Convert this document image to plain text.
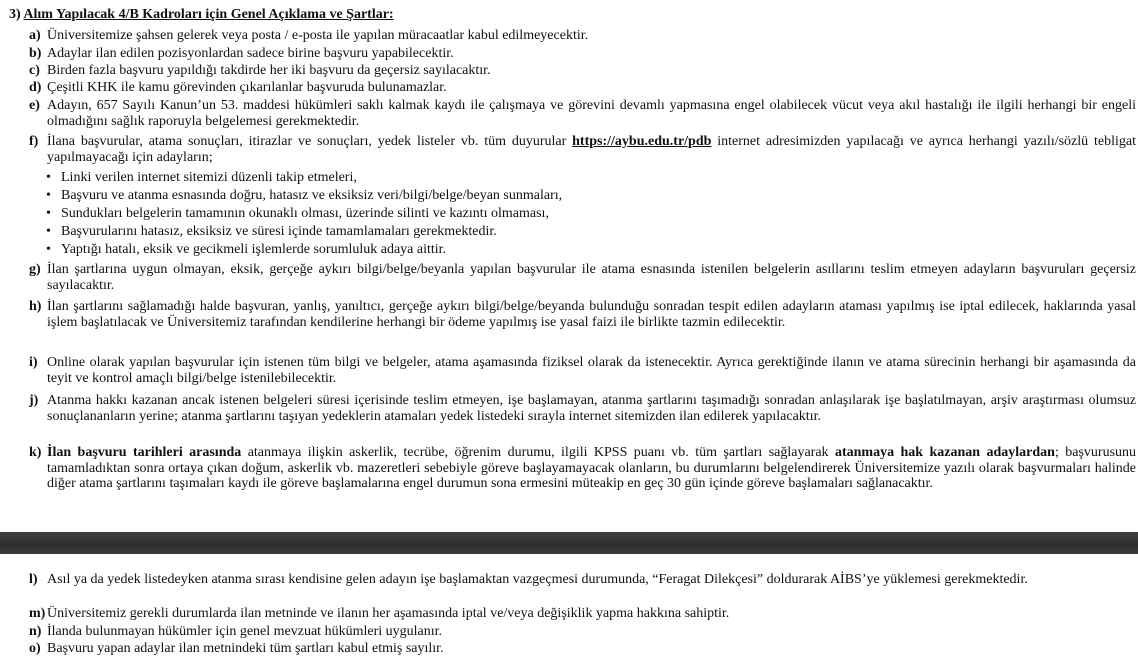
3) Alım Yapılacak 4/B Kadroları için Genel Açıklama ve Şartlar:
a) Üniversitemize şahsen gelerek veya posta / e-posta ile yapılan müracaatlar kabul edilmeyecektir.
b) Adaylar ilan edilen pozisyonlardan sadece birine başvuru yapabilecektir.
c) Birden fazla başvuru yapıldığı takdirde her iki başvuru da geçersiz sayılacaktır.
d) Çeşitli KHK ile kamu görevinden çıkarılanlar başvuruda bulunamazlar.
e) Adayın, 657 Sayılı Kanun’un 53. maddesi hükümleri saklı kalmak kaydı ile çalışmaya ve görevini devamlı yapmasına engel olabilecek vücut veya akıl hastalığı ile ilgili herhangi bir engeli olmadığını sağlık raporuyla belgelemesi gerekmektedir.
f) İlana başvurular, atama sonuçları, itirazlar ve sonuçları, yedek listeler vb. tüm duyurular https://aybu.edu.tr/pdb internet adresimizden yapılacağı ve ayrıca herhangi yazılı/sözlü tebligat yapılmayacağı için adayların;
• Linki verilen internet sitemizi düzenli takip etmeleri,
• Başvuru ve atanma esnasında doğru, hatasız ve eksiksiz veri/bilgi/belge/beyan sunmaları,
• Sundukları belgelerin tamamının okunaklı olması, üzerinde silinti ve kazıntı olmaması,
• Başvurularını hatasız, eksiksiz ve süresi içinde tamamlamaları gerekmektedir.
• Yaptığı hatalı, eksik ve gecikmeli işlemlerde sorumluluk adaya aittir.
g) İlan şartlarına uygun olmayan, eksik, gerçeğe aykırı bilgi/belge/beyanla yapılan başvurular ile atama esnasında istenilen belgelerin asıllarını teslim etmeyen adayların başvuruları geçersiz sayılacaktır.
h) İlan şartlarını sağlamadığı halde başvuran, yanlış, yanıltıcı, gerçeğe aykırı bilgi/belge/beyanda bulunduğu sonradan tespit edilen adayların ataması yapılmış ise iptal edilecek, haklarında yasal işlem başlatılacak ve Üniversitemiz tarafından kendilerine herhangi bir ödeme yapılmış ise yasal faizi ile birlikte tazmin edilecektir.
i) Online olarak yapılan başvurular için istenen tüm bilgi ve belgeler, atama aşamasında fiziksel olarak da istenecektir. Ayrıca gerektiğinde ilanın ve atama sürecinin herhangi bir aşamasında da teyit ve kontrol amaçlı bilgi/belge istenilebilecektir.
j) Atanma hakkı kazanan ancak istenen belgeleri süresi içerisinde teslim etmeyen, işe başlamayan, atanma şartlarını taşımadığı sonradan anlaşılarak işe başlatılmayan, arşiv araştırması olumsuz sonuçlananların yerine; atanma şartlarını taşıyan yedeklerin atamaları yedek listedeki sırayla internet sitemizden ilan edilerek yapılacaktır.
k) İlan başvuru tarihleri arasında atanmaya ilişkin askerlik, tecrübe, öğrenim durumu, ilgili KPSS puanı vb. tüm şartları sağlayarak atanmaya hak kazanan adaylardan; başvurusunu tamamladıktan sonra ortaya çıkan doğum, askerlik vb. mazeretleri sebebiyle göreve başlayamayacak olanların, bu durumlarını belgelendirerek Üniversitemize yazılı olarak başvurmaları halinde diğer atama şartlarını taşımaları kaydı ile göreve başlamalarına engel durumun sona ermesini müteakip en geç 30 gün içinde göreve başlamaları sağlanacaktır.
l) Asıl ya da yedek listedeyken atanma sırası kendisine gelen adayın işe başlamaktan vazgeçmesi durumunda, “Feragat Dilekçesi” doldurarak AİBS’ye yüklemesi gerekmektedir.
m) Üniversitemiz gerekli durumlarda ilan metninde ve ilanın her aşamasında iptal ve/veya değişiklik yapma hakkına sahiptir.
n) İlanda bulunmayan hükümler için genel mevzuat hükümleri uygulanır.
o) Başvuru yapan adaylar ilan metnindeki tüm şartları kabul etmiş sayılır.
